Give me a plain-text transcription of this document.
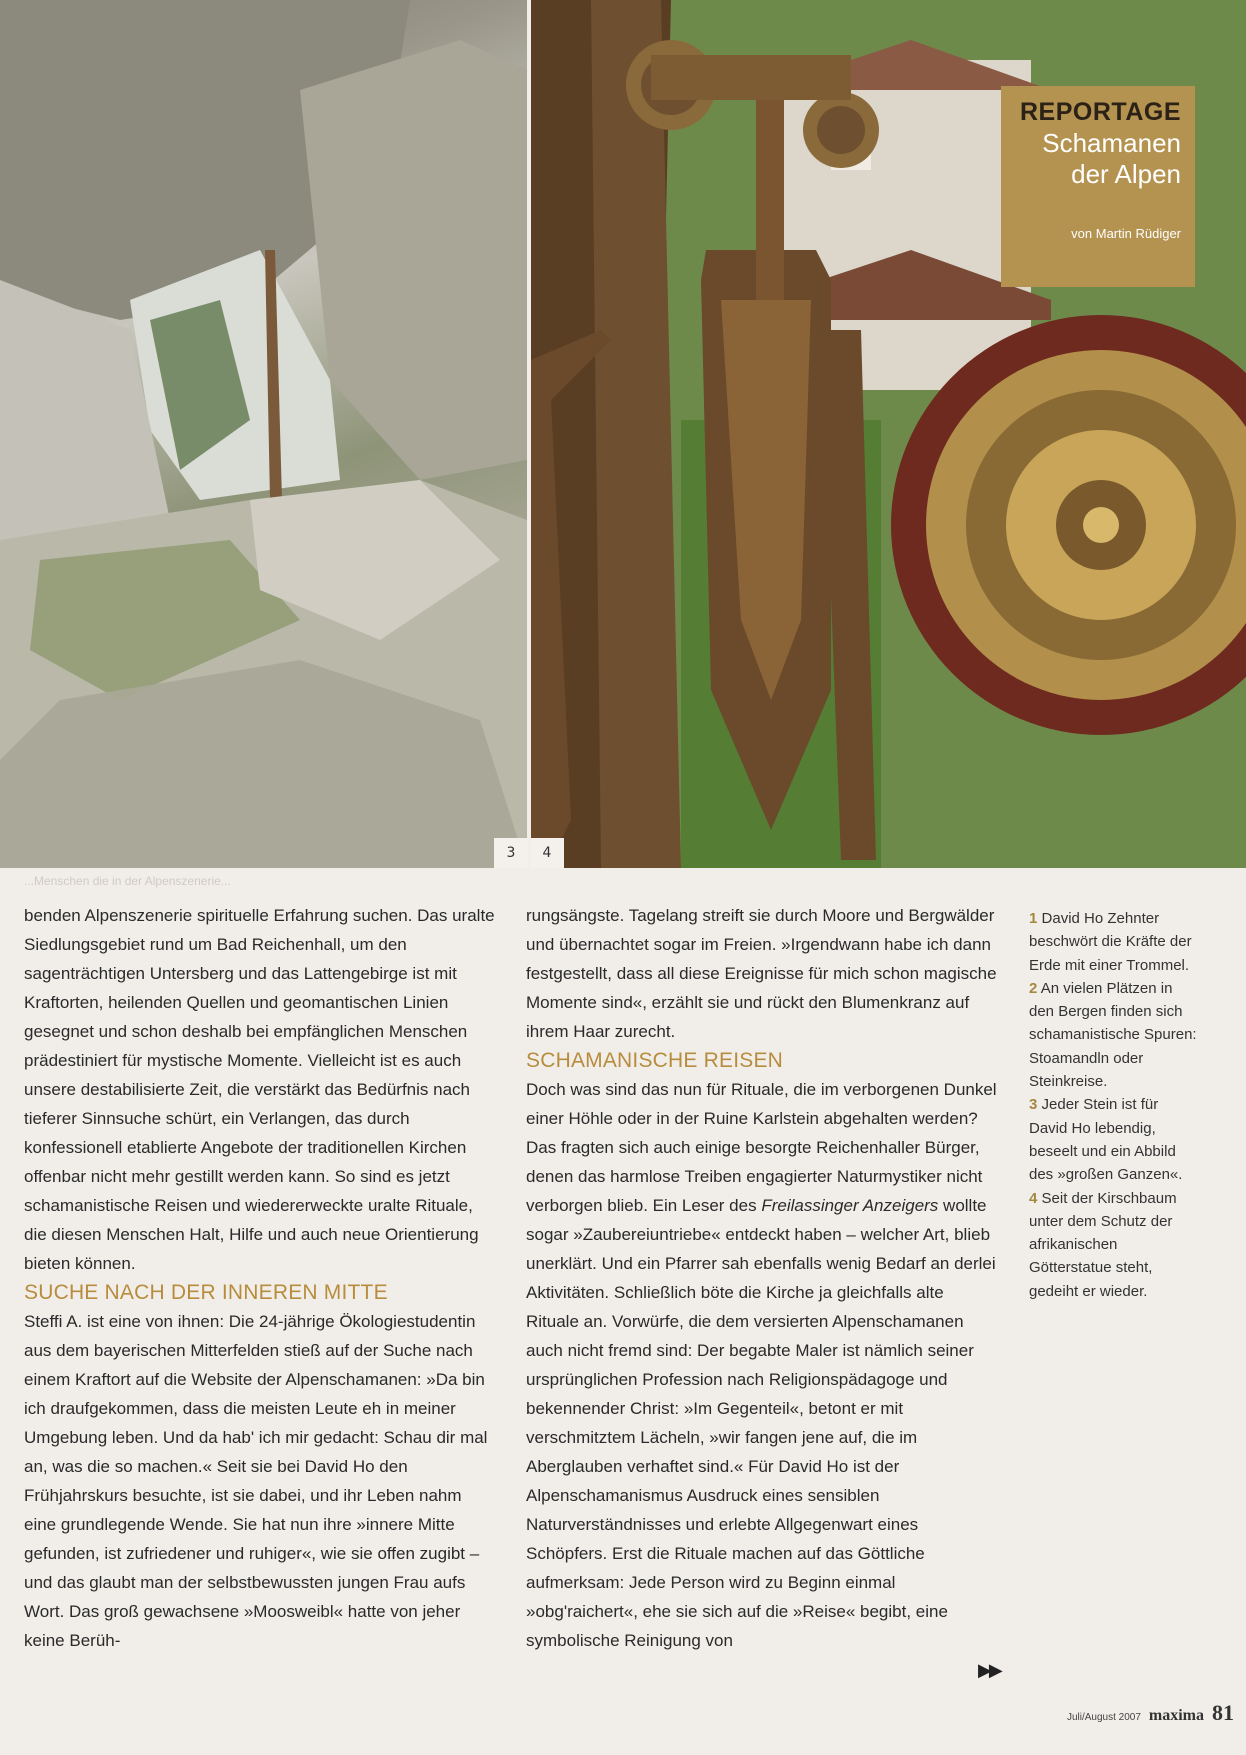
3	4
REPORTAGE
Schamanen
der Alpen
von Martin Rüdiger
...Menschen die in der Alpenszenerie...

benden Alpenszenerie spirituelle Erfahrung suchen. Das uralte Siedlungsgebiet rund um Bad Reichenhall, um den sagenträchtigen Untersberg und das Lattengebirge ist mit Kraftorten, heilenden Quellen und geomantischen Linien gesegnet und schon deshalb bei empfänglichen Menschen prädestiniert für mystische Momente. Vielleicht ist es auch unsere destabilisierte Zeit, die verstärkt das Bedürfnis nach tieferer Sinnsuche schürt, ein Verlangen, das durch konfessionell etablierte Angebote der traditionellen Kirchen offenbar nicht mehr gestillt werden kann. So sind es jetzt schamanistische Reisen und wiedererweckte uralte Rituale, die diesen Menschen Halt, Hilfe und auch neue Orientierung bieten können.

SUCHE NACH DER INNEREN MITTE

Steffi A. ist eine von ihnen: Die 24-jährige Ökologiestudentin aus dem bayerischen Mitterfelden stieß auf der Suche nach einem Kraftort auf die Website der Alpenschamanen: »Da bin ich draufgekommen, dass die meisten Leute eh in meiner Umgebung leben. Und da hab' ich mir gedacht: Schau dir mal an, was die so machen.« Seit sie bei David Ho den Frühjahrskurs besuchte, ist sie dabei, und ihr Leben nahm eine grundlegende Wende. Sie hat nun ihre »innere Mitte gefunden, ist zufriedener und ruhiger«, wie sie offen zugibt – und das glaubt man der selbstbewussten jungen Frau aufs Wort. Das groß gewachsene »Moosweibl« hatte von jeher keine Berüh-

rungsängste. Tagelang streift sie durch Moore und Bergwälder und übernachtet sogar im Freien. »Irgendwann habe ich dann festgestellt, dass all diese Ereignisse für mich schon magische Momente sind«, erzählt sie und rückt den Blumenkranz auf ihrem Haar zurecht.

SCHAMANISCHE REISEN

Doch was sind das nun für Rituale, die im verborgenen Dunkel einer Höhle oder in der Ruine Karlstein abgehalten werden? Das fragten sich auch einige besorgte Reichenhaller Bürger, denen das harmlose Treiben engagierter Naturmystiker nicht verborgen blieb. Ein Leser des Freilassinger Anzeigers wollte sogar »Zaubereiuntriebe« entdeckt haben – welcher Art, blieb unerklärt. Und ein Pfarrer sah ebenfalls wenig Bedarf an derlei Aktivitäten. Schließlich böte die Kirche ja gleichfalls alte Rituale an. Vorwürfe, die dem versierten Alpenschamanen auch nicht fremd sind: Der begabte Maler ist nämlich seiner ursprünglichen Profession nach Religionspädagoge und bekennender Christ: »Im Gegenteil«, betont er mit verschmitztem Lächeln, »wir fangen jene auf, die im Aberglauben verhaftet sind.« Für David Ho ist der Alpenschamanismus Ausdruck eines sensiblen Naturverständnisses und erlebte Allgegenwart eines Schöpfers. Erst die Rituale machen auf das Göttliche aufmerksam: Jede Person wird zu Beginn einmal »obg'raichert«, ehe sie sich auf die »Reise« begibt, eine symbolische Reinigung von

▶▶

1 David Ho Zehnter beschwört die Kräfte der Erde mit einer Trommel.

2 An vielen Plätzen in den Bergen finden sich schamanistische Spuren: Stoamandln oder Steinkreise.

3 Jeder Stein ist für David Ho lebendig, beseelt und ein Abbild des »großen Ganzen«.

4 Seit der Kirschbaum unter dem Schutz der afrikanischen Götterstatue steht, gedeiht er wieder.

Juli/August 2007 maxima 81
